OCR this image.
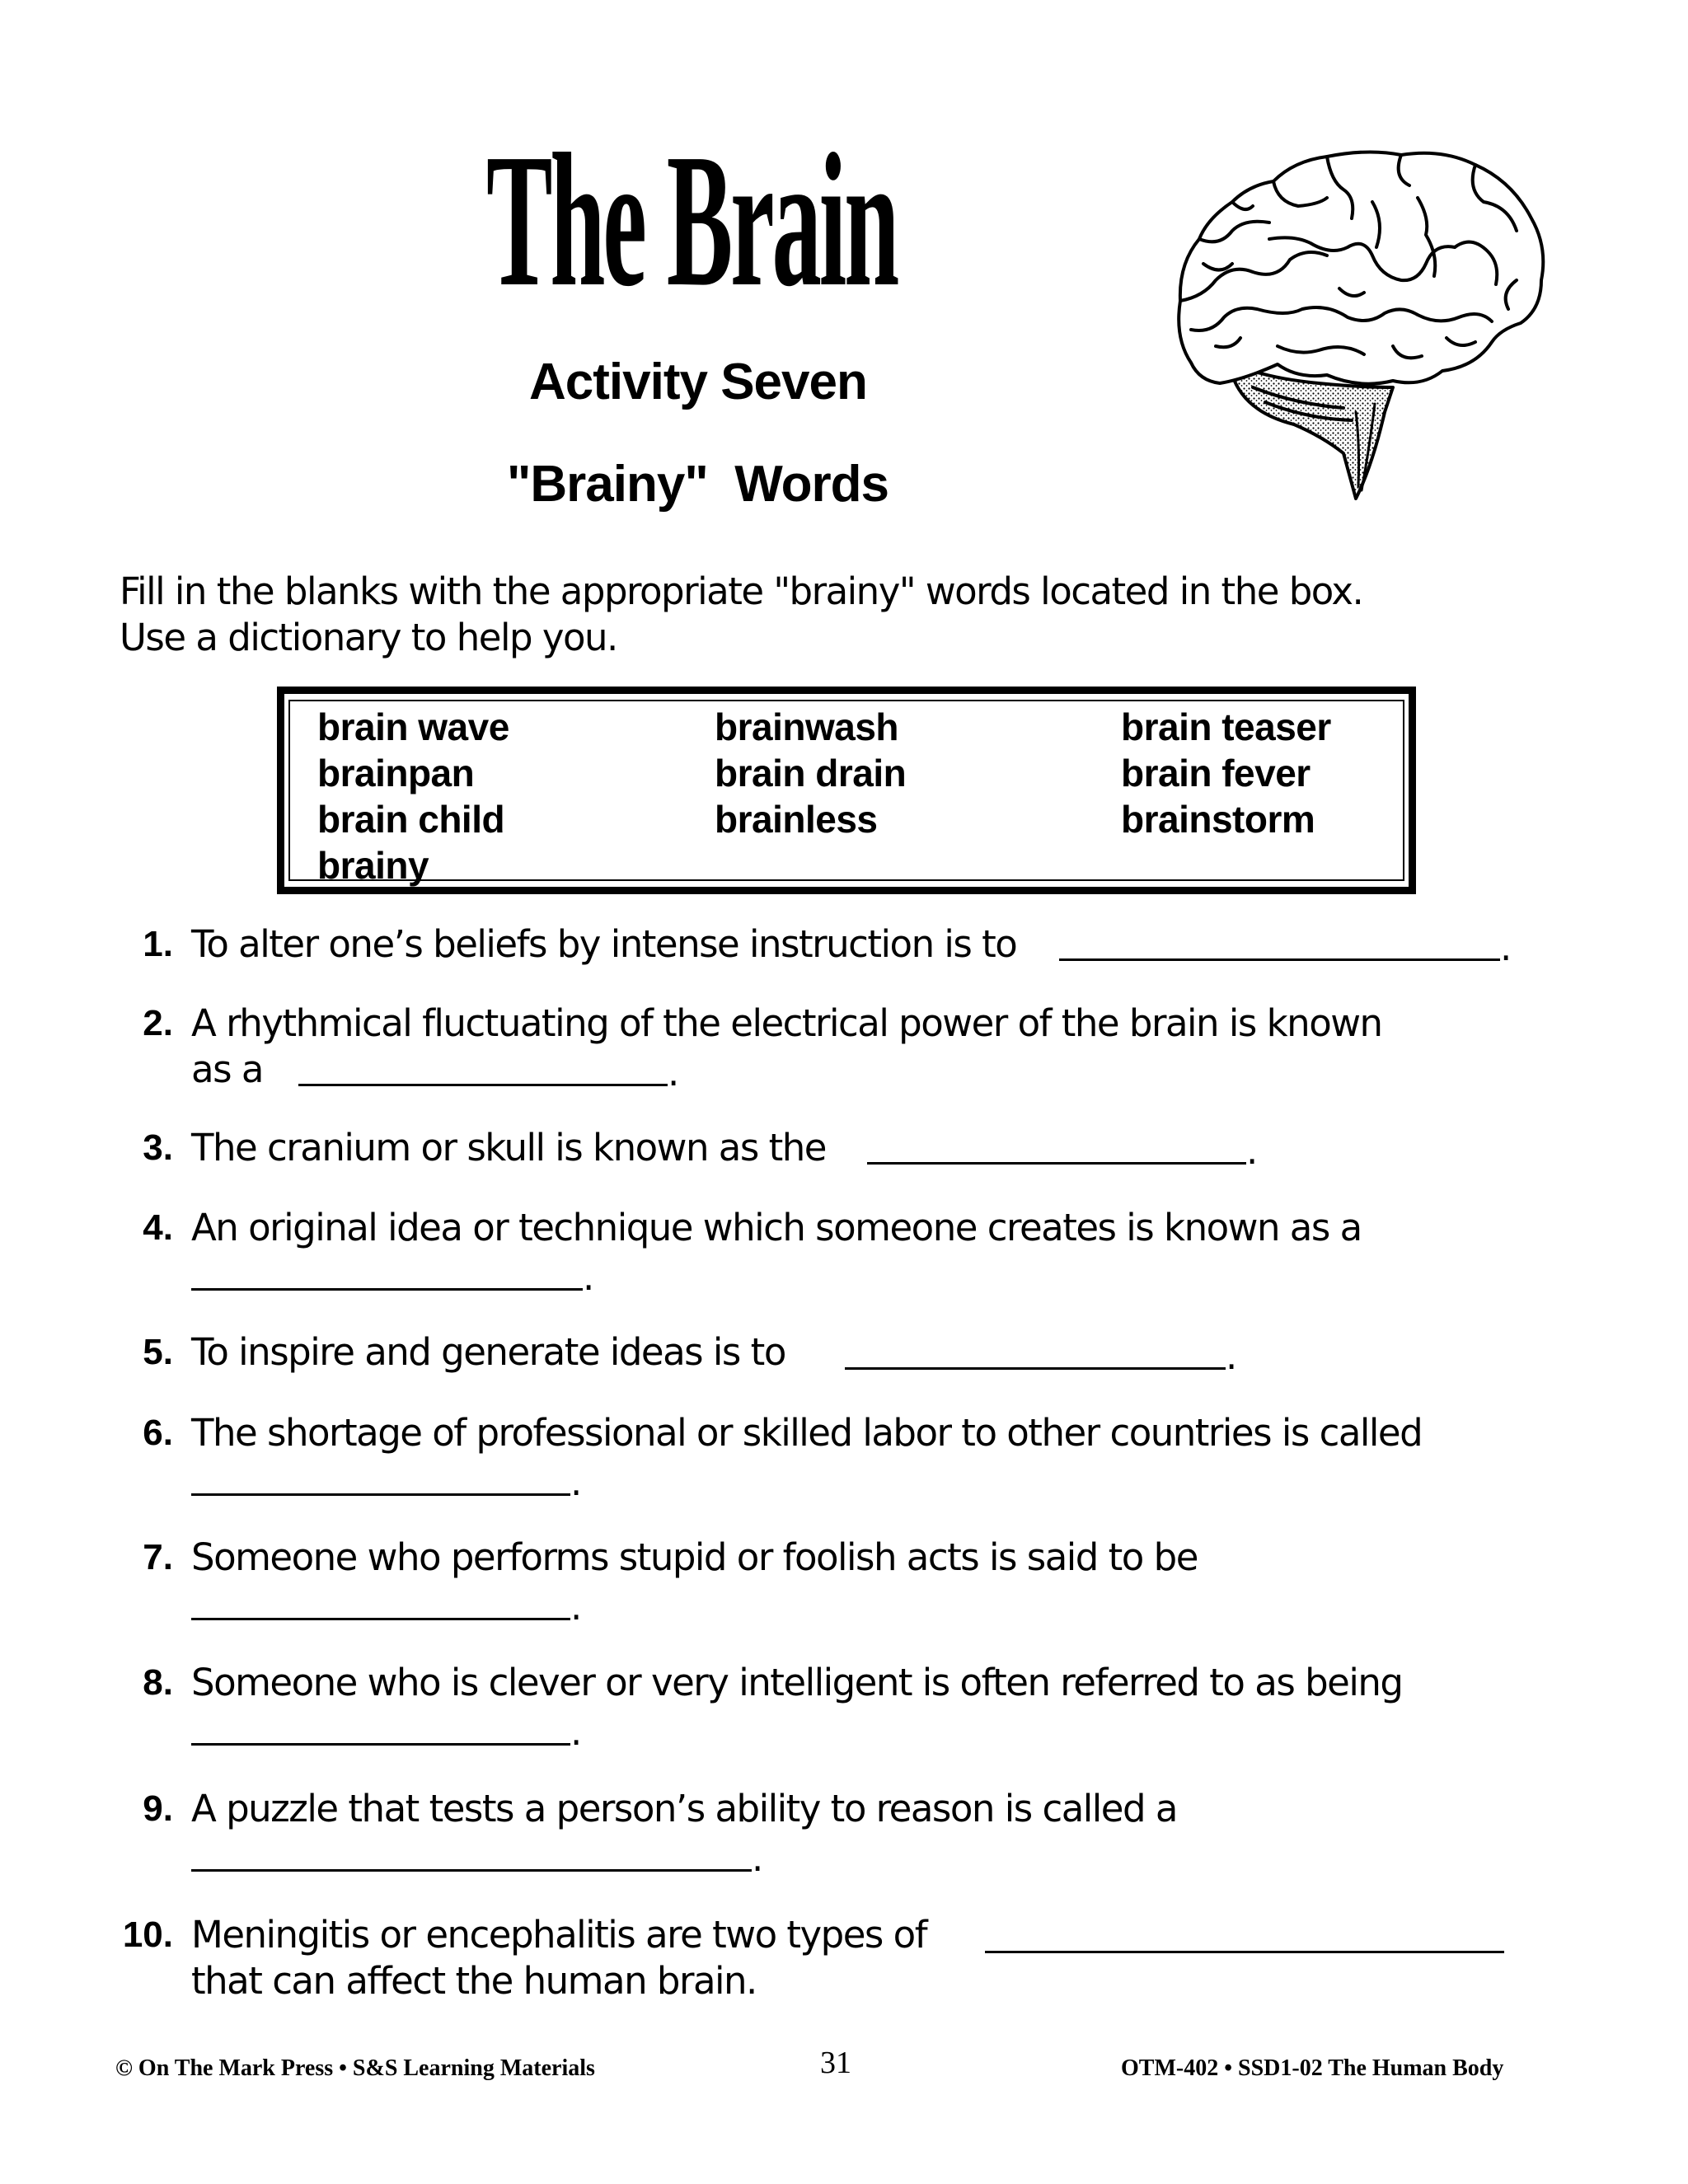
The Brain
Activity Seven
"Brainy"  Words
Fill in the blanks with the appropriate "brainy" words located in the box.
Use a dictionary to help you.
brain wave
brainpan
brain child
brainy
brainwash
brain drain
brainless
brain teaser
brain fever
brainstorm
1. To alter one’s beliefs by intense instruction is to	.
2. A rhythmical fluctuating of the electrical power of the brain is known
as a	.
3. The cranium or skull is known as the	.
4. An original idea or technique which someone creates is known as a
.
5. To inspire and generate ideas is to	.
6. The shortage of professional or skilled labor to other countries is called
.
7. Someone who performs stupid or foolish acts is said to be
.
8. Someone who is clever or very intelligent is often referred to as being
.
9. A puzzle that tests a person’s ability to reason is called a
.
10. Meningitis or encephalitis are two types of
that can affect the human brain.
© On The Mark Press • S&S Learning Materials	31	OTM-402 • SSD1-02 The Human Body
